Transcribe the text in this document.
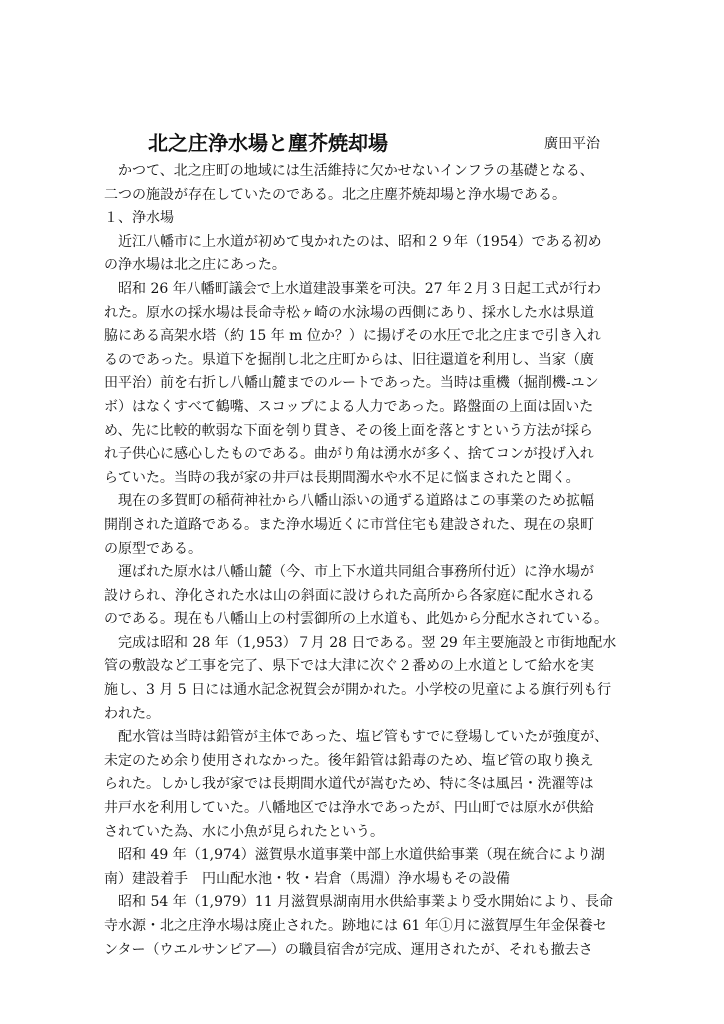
北之庄浄水場と塵芥焼却場	廣田平治
　かつて、北之庄町の地域には生活維持に欠かせないインフラの基礎となる、
二つの施設が存在していたのである。北之庄塵芥焼却場と浄水場である。
１、浄水場
　近江八幡市に上水道が初めて曳かれたのは、昭和２９年（1954）である初め
の浄水場は北之庄にあった。
　昭和 26 年八幡町議会で上水道建設事業を可決。27 年２月３日起工式が行わ
れた。原水の採水場は長命寺松ヶ崎の水泳場の西側にあり、採水した水は県道
脇にある高架水塔（約 15 年 m 位か？）に揚げその水圧で北之庄まで引き入れ
るのであった。県道下を掘削し北之庄町からは、旧往還道を利用し、当家（廣
田平治）前を右折し八幡山麓までのルートであった。当時は重機（掘削機-ユン
ボ）はなくすべて鶴嘴、スコップによる人力であった。路盤面の上面は固いた
め、先に比較的軟弱な下面を刳り貫き、その後上面を落とすという方法が採ら
れ子供心に感心したものである。曲がり角は湧水が多く、捨てコンが投げ入れ
らていた。当時の我が家の井戸は長期間濁水や水不足に悩まされたと聞く。
　現在の多賀町の稲荷神社から八幡山添いの通ずる道路はこの事業のため拡幅
開削された道路である。また浄水場近くに市営住宅も建設された、現在の泉町
の原型である。
　運ばれた原水は八幡山麓（今、市上下水道共同組合事務所付近）に浄水場が
設けられ、浄化された水は山の斜面に設けられた高所から各家庭に配水される
のである。現在も八幡山上の村雲御所の上水道も、此処から分配水されている。
　完成は昭和 28 年（1,953）７月 28 日である。翌 29 年主要施設と市街地配水
管の敷設など工事を完了、県下では大津に次ぐ２番めの上水道として給水を実
施し、3 月 5 日には通水記念祝賀会が開かれた。小学校の児童による旗行列も行
われた。
　配水管は当時は鉛管が主体であった、塩ビ管もすでに登場していたが強度が、
未定のため余り使用されなかった。後年鉛管は鉛毒のため、塩ビ管の取り換え
られた。しかし我が家では長期間水道代が嵩むため、特に冬は風呂・洗濯等は
井戸水を利用していた。八幡地区では浄水であったが、円山町では原水が供給
されていた為、水に小魚が見られたという。
　昭和 49 年（1,974）滋賀県水道事業中部上水道供給事業（現在統合により湖
南）建設着手　円山配水池・牧・岩倉（馬淵）浄水場もその設備
　昭和 54 年（1,979）11 月滋賀県湖南用水供給事業より受水開始により、長命
寺水源・北之庄浄水場は廃止された。跡地には 61 年①月に滋賀厚生年金保養セ
ンター（ウエルサンピア―）の職員宿舎が完成、運用されたが、それも撤去さ
